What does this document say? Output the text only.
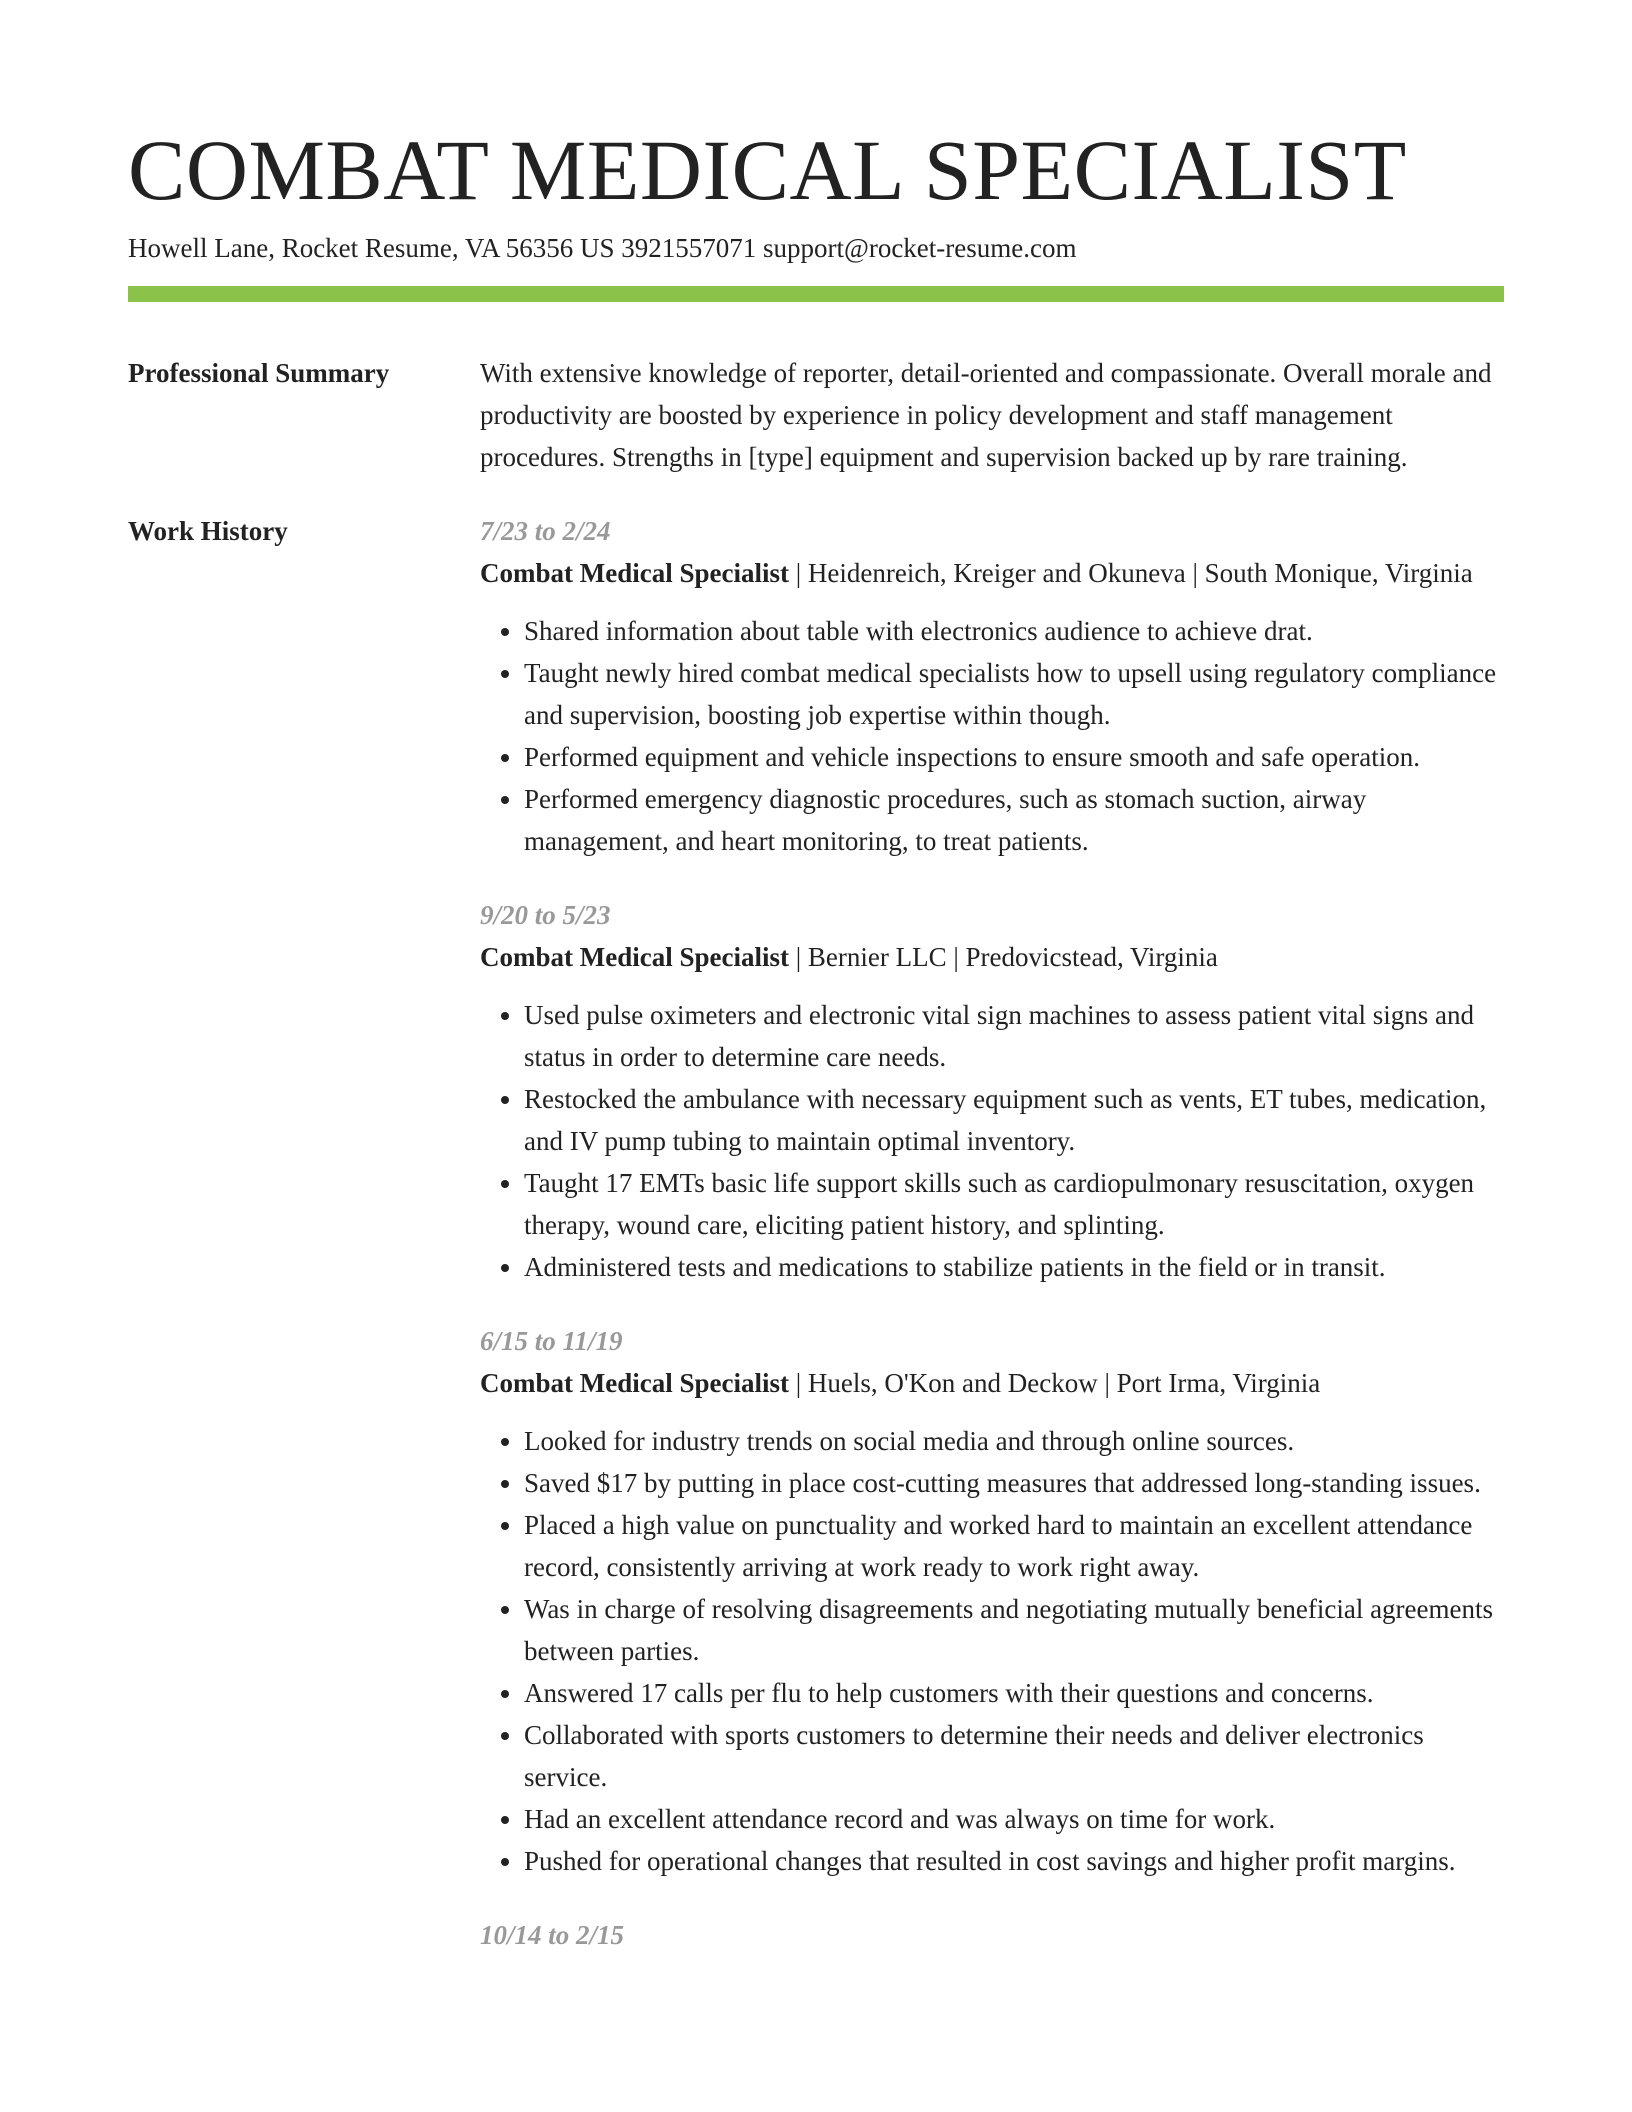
COMBAT MEDICAL SPECIALIST
Howell Lane, Rocket Resume, VA 56356 US 3921557071 support@rocket-resume.com
Professional Summary	With extensive knowledge of reporter, detail-oriented and compassionate. Overall morale and productivity are boosted by experience in policy development and staff management procedures. Strengths in [type] equipment and supervision backed up by rare training.

Work History	7/23 to 2/24

Combat Medical Specialist | Heidenreich, Kreiger and Okuneva | South Monique, Virginia

• Shared information about table with electronics audience to achieve drat.
• Taught newly hired combat medical specialists how to upsell using regulatory compliance and supervision, boosting job expertise within though.
• Performed equipment and vehicle inspections to ensure smooth and safe operation.
• Performed emergency diagnostic procedures, such as stomach suction, airway management, and heart monitoring, to treat patients.
9/20 to 5/23

Combat Medical Specialist | Bernier LLC | Predovicstead, Virginia

• Used pulse oximeters and electronic vital sign machines to assess patient vital signs and status in order to determine care needs.
• Restocked the ambulance with necessary equipment such as vents, ET tubes, medication, and IV pump tubing to maintain optimal inventory.
• Taught 17 EMTs basic life support skills such as cardiopulmonary resuscitation, oxygen therapy, wound care, eliciting patient history, and splinting.
• Administered tests and medications to stabilize patients in the field or in transit.
6/15 to 11/19

Combat Medical Specialist | Huels, O'Kon and Deckow | Port Irma, Virginia

• Looked for industry trends on social media and through online sources.
• Saved $17 by putting in place cost-cutting measures that addressed long-standing issues.
• Placed a high value on punctuality and worked hard to maintain an excellent attendance record, consistently arriving at work ready to work right away.
• Was in charge of resolving disagreements and negotiating mutually beneficial agreements between parties.
• Answered 17 calls per flu to help customers with their questions and concerns.
• Collaborated with sports customers to determine their needs and deliver electronics service.
• Had an excellent attendance record and was always on time for work.
• Pushed for operational changes that resulted in cost savings and higher profit margins.
10/14 to 2/15
